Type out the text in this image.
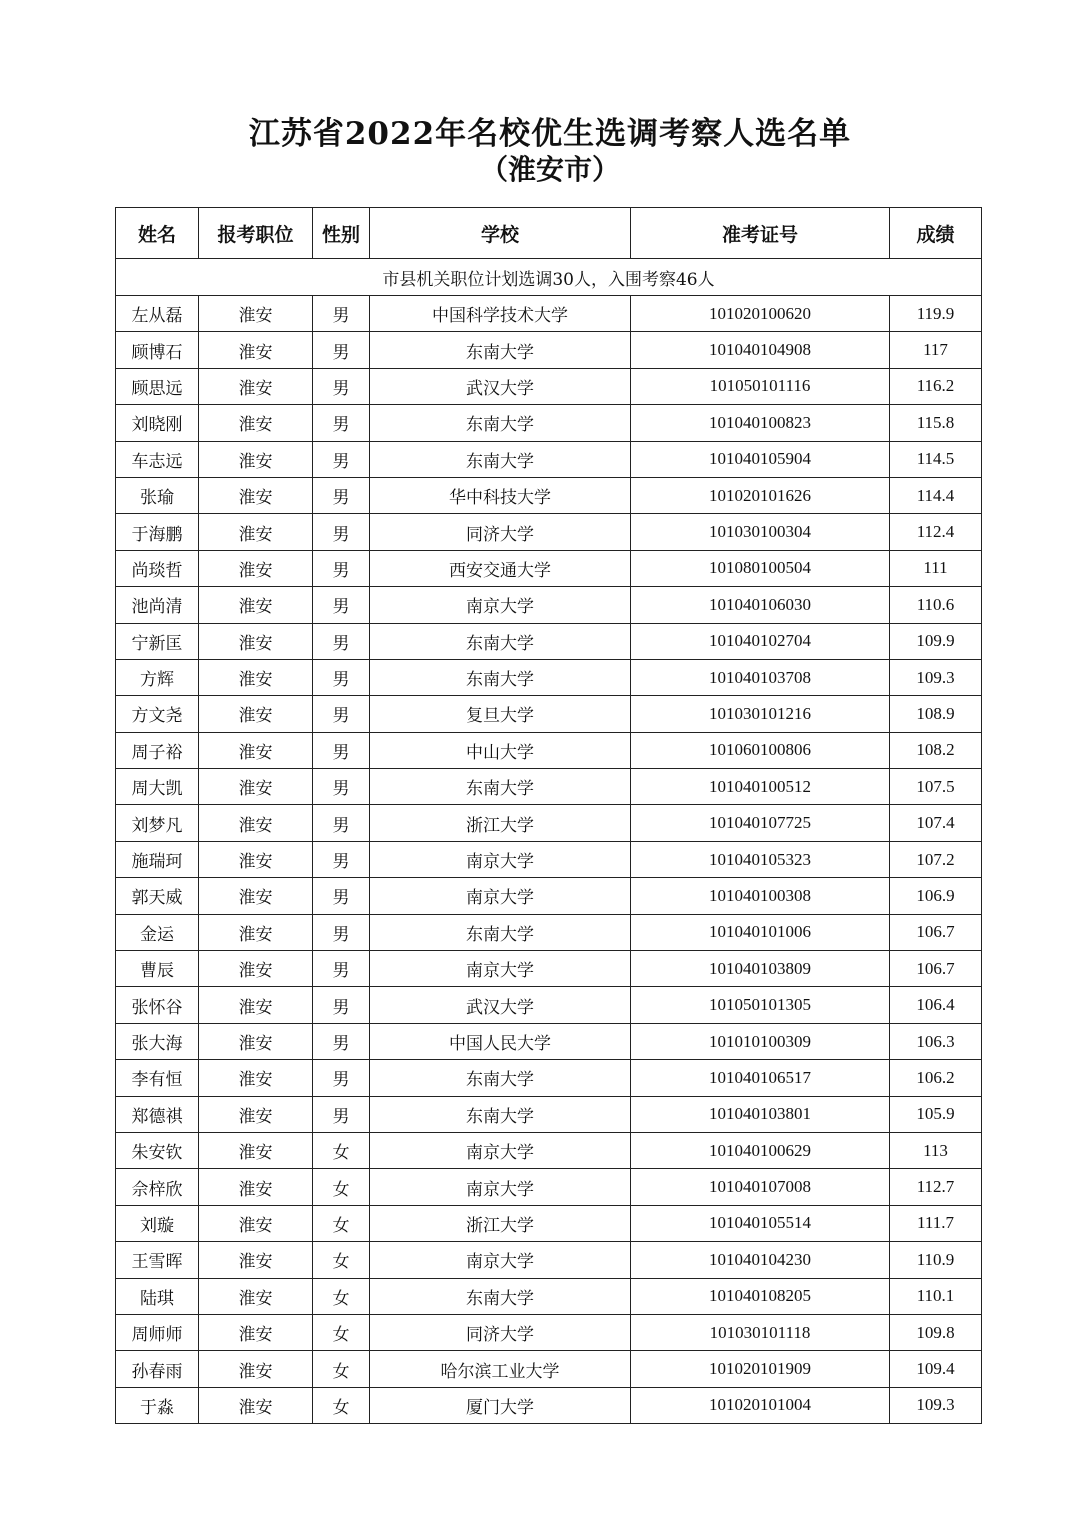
江苏省2022年名校优生选调考察人选名单
（淮安市）
姓名	报考职位	性别	学校	准考证号	成绩
市县机关职位计划选调30人，入围考察46人					
左从磊	淮安	男	中国科学技术大学	101020100620	119.9
顾博石	淮安	男	东南大学	101040104908	117
顾思远	淮安	男	武汉大学	101050101116	116.2
刘晓刚	淮安	男	东南大学	101040100823	115.8
车志远	淮安	男	东南大学	101040105904	114.5
张瑜	淮安	男	华中科技大学	101020101626	114.4
于海鹏	淮安	男	同济大学	101030100304	112.4
尚琰哲	淮安	男	西安交通大学	101080100504	111
池尚清	淮安	男	南京大学	101040106030	110.6
宁新匡	淮安	男	东南大学	101040102704	109.9
方辉	淮安	男	东南大学	101040103708	109.3
方文尧	淮安	男	复旦大学	101030101216	108.9
周子裕	淮安	男	中山大学	101060100806	108.2
周大凯	淮安	男	东南大学	101040100512	107.5
刘梦凡	淮安	男	浙江大学	101040107725	107.4
施瑞珂	淮安	男	南京大学	101040105323	107.2
郭天威	淮安	男	南京大学	101040100308	106.9
金运	淮安	男	东南大学	101040101006	106.7
曹辰	淮安	男	南京大学	101040103809	106.7
张怀谷	淮安	男	武汉大学	101050101305	106.4
张大海	淮安	男	中国人民大学	101010100309	106.3
李有恒	淮安	男	东南大学	101040106517	106.2
郑德祺	淮安	男	东南大学	101040103801	105.9
朱安钦	淮安	女	南京大学	101040100629	113
佘梓欣	淮安	女	南京大学	101040107008	112.7
刘璇	淮安	女	浙江大学	101040105514	111.7
王雪晖	淮安	女	南京大学	101040104230	110.9
陆琪	淮安	女	东南大学	101040108205	110.1
周师师	淮安	女	同济大学	101030101118	109.8
孙春雨	淮安	女	哈尔滨工业大学	101020101909	109.4
于淼	淮安	女	厦门大学	101020101004	109.3
